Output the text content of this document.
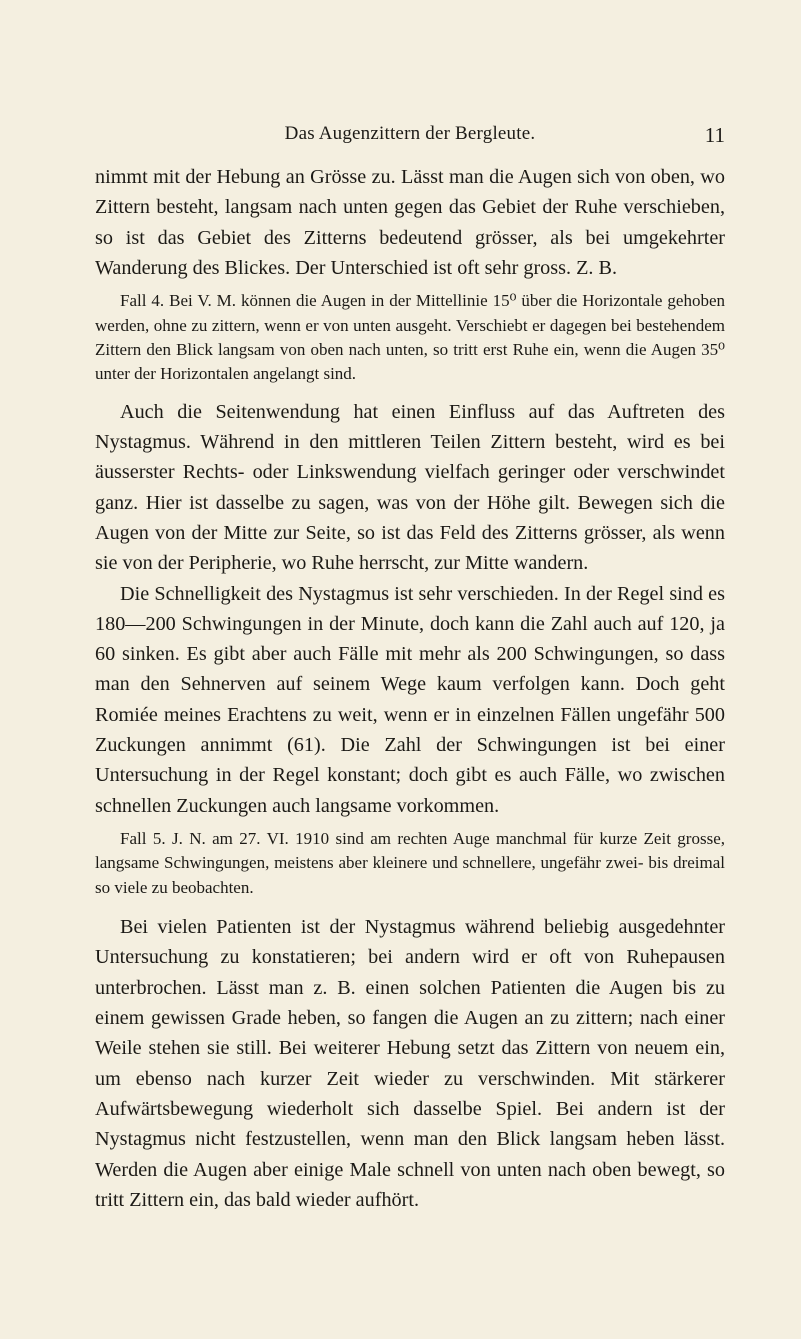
Das Augenzittern der Bergleute.	11

nimmt mit der Hebung an Grösse zu. Lässt man die Augen sich von oben, wo Zittern besteht, langsam nach unten gegen das Gebiet der Ruhe verschieben, so ist das Gebiet des Zitterns bedeutend grösser, als bei umgekehrter Wanderung des Blickes. Der Unterschied ist oft sehr gross. Z. B.

Fall 4. Bei V. M. können die Augen in der Mittellinie 15⁰ über die Horizontale gehoben werden, ohne zu zittern, wenn er von unten ausgeht. Verschiebt er dagegen bei bestehendem Zittern den Blick langsam von oben nach unten, so tritt erst Ruhe ein, wenn die Augen 35⁰ unter der Horizontalen angelangt sind.

Auch die Seitenwendung hat einen Einfluss auf das Auftreten des Nystagmus. Während in den mittleren Teilen Zittern besteht, wird es bei äusserster Rechts- oder Linkswendung vielfach geringer oder verschwindet ganz. Hier ist dasselbe zu sagen, was von der Höhe gilt. Bewegen sich die Augen von der Mitte zur Seite, so ist das Feld des Zitterns grösser, als wenn sie von der Peripherie, wo Ruhe herrscht, zur Mitte wandern.

Die Schnelligkeit des Nystagmus ist sehr verschieden. In der Regel sind es 180—200 Schwingungen in der Minute, doch kann die Zahl auch auf 120, ja 60 sinken. Es gibt aber auch Fälle mit mehr als 200 Schwingungen, so dass man den Sehnerven auf seinem Wege kaum verfolgen kann. Doch geht Romiée meines Erachtens zu weit, wenn er in einzelnen Fällen ungefähr 500 Zuckungen annimmt (61). Die Zahl der Schwingungen ist bei einer Untersuchung in der Regel konstant; doch gibt es auch Fälle, wo zwischen schnellen Zuckungen auch langsame vorkommen.

Fall 5. J. N. am 27. VI. 1910 sind am rechten Auge manchmal für kurze Zeit grosse, langsame Schwingungen, meistens aber kleinere und schnellere, ungefähr zwei- bis dreimal so viele zu beobachten.

Bei vielen Patienten ist der Nystagmus während beliebig ausgedehnter Untersuchung zu konstatieren; bei andern wird er oft von Ruhepausen unterbrochen. Lässt man z. B. einen solchen Patienten die Augen bis zu einem gewissen Grade heben, so fangen die Augen an zu zittern; nach einer Weile stehen sie still. Bei weiterer Hebung setzt das Zittern von neuem ein, um ebenso nach kurzer Zeit wieder zu verschwinden. Mit stärkerer Aufwärtsbewegung wiederholt sich dasselbe Spiel. Bei andern ist der Nystagmus nicht festzustellen, wenn man den Blick langsam heben lässt. Werden die Augen aber einige Male schnell von unten nach oben bewegt, so tritt Zittern ein, das bald wieder aufhört.
